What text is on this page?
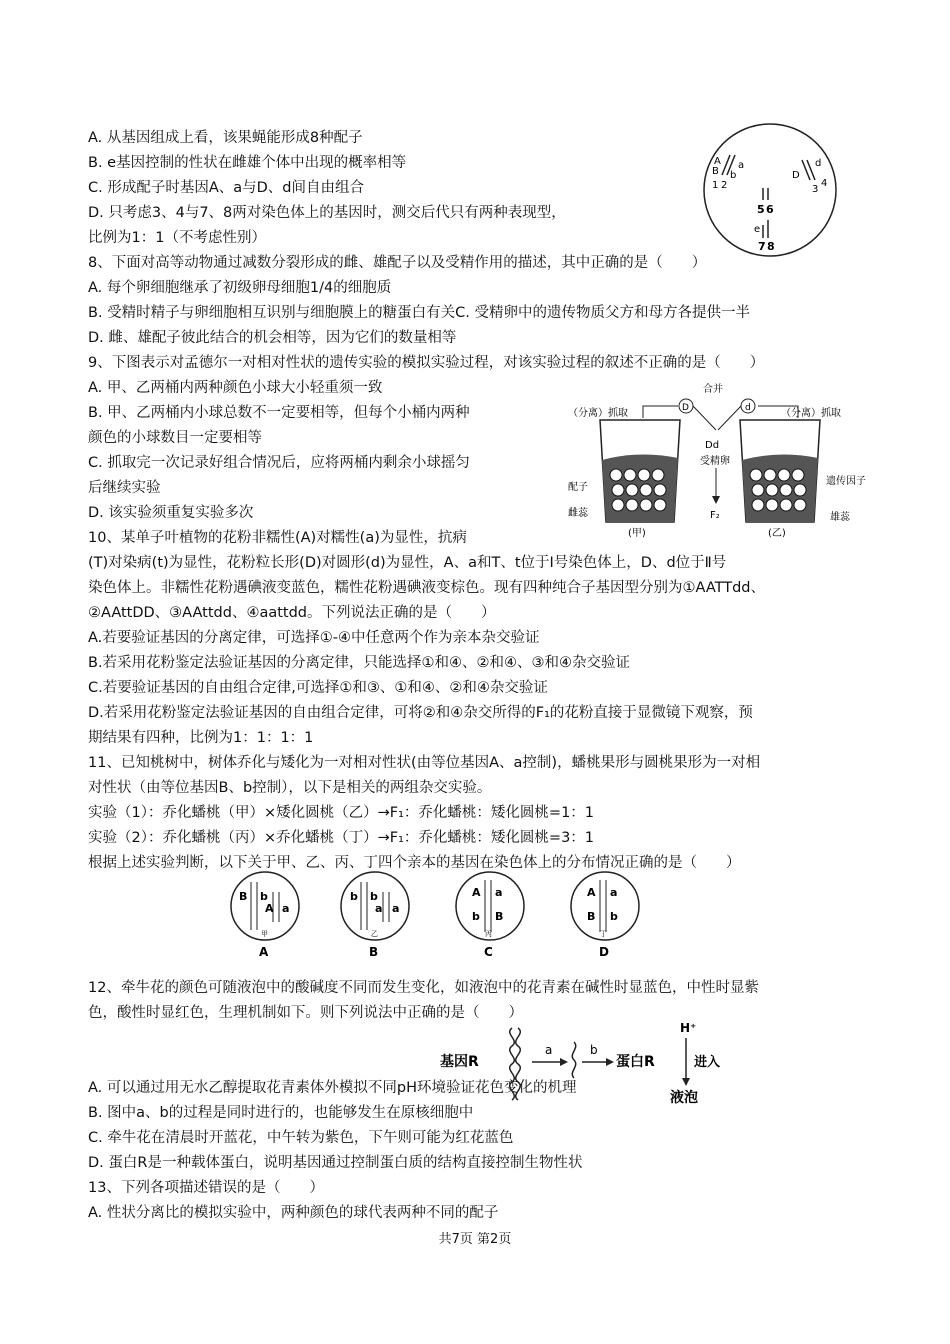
A. 从基因组成上看，该果蝇能形成8种配子
B. e基因控制的性状在雌雄个体中出现的概率相等
C. 形成配子时基因A、a与D、d间自由组合
D. 只考虑3、4与7、8两对染色体上的基因时，测交后代只有两种表现型，
比例为1：1（不考虑性别）
8、下面对高等动物通过减数分裂形成的雌、雄配子以及受精作用的描述，其中正确的是（　　）
A. 每个卵细胞继承了初级卵母细胞1/4的细胞质
B. 受精时精子与卵细胞相互识别与细胞膜上的糖蛋白有关C. 受精卵中的遗传物质父方和母方各提供一半
D. 雌、雄配子彼此结合的机会相等，因为它们的数量相等
9、下图表示对孟德尔一对相对性状的遗传实验的模拟实验过程，对该实验过程的叙述不正确的是（　　）
A. 甲、乙两桶内两种颜色小球大小轻重须一致
B. 甲、乙两桶内小球总数不一定要相等，但每个小桶内两种
颜色的小球数目一定要相等
C. 抓取完一次记录好组合情况后，应将两桶内剩余小球摇匀
后继续实验
D. 该实验须重复实验多次
10、某单子叶植物的花粉非糯性(A)对糯性(a)为显性，抗病
(T)对染病(t)为显性，花粉粒长形(D)对圆形(d)为显性，A、a和T、t位于Ⅰ号染色体上，D、d位于Ⅱ号
染色体上。非糯性花粉遇碘液变蓝色，糯性花粉遇碘液变棕色。现有四种纯合子基因型分别为①AATTdd、
②AAttDD、③AAttdd、④aattdd。下列说法正确的是（　　）
A.若要验证基因的分离定律，可选择①-④中任意两个作为亲本杂交验证
B.若采用花粉鉴定法验证基因的分离定律，只能选择①和④、②和④、③和④杂交验证
C.若要验证基因的自由组合定律,可选择①和③、①和④、②和④杂交验证
D.若采用花粉鉴定法验证基因的自由组合定律，可将②和④杂交所得的F₁的花粉直接于显微镜下观察，预
期结果有四种，比例为1：1：1：1
11、已知桃树中，树体乔化与矮化为一对相对性状(由等位基因A、a控制)，蟠桃果形与圆桃果形为一对相
对性状（由等位基因B、b控制），以下是相关的两组杂交实验。
实验（1）：乔化蟠桃（甲）×矮化圆桃（乙）→F₁：乔化蟠桃：矮化圆桃=1：1
实验（2）：乔化蟠桃（丙）×乔化蟠桃（丁）→F₁：乔化蟠桃：矮化圆桃=3：1
根据上述实验判断，以下关于甲、乙、丙、丁四个亲本的基因在染色体上的分布情况正确的是（　　）
12、牵牛花的颜色可随液泡中的酸碱度不同而发生变化，如液泡中的花青素在碱性时显蓝色，中性时显紫
色，酸性时显红色，生理机制如下。则下列说法中正确的是（　　）
A. 可以通过用无水乙醇提取花青素体外模拟不同pH环境验证花色变化的机理
B. 图中a、b的过程是同时进行的，也能够发生在原核细胞中
C. 牵牛花在清晨时开蓝花，中午转为紫色，下午则可能为红花蓝色
D. 蛋白R是一种载体蛋白，说明基因通过控制蛋白质的结构直接控制生物性状
13、下列各项描述错误的是（　　）
A. 性状分离比的模拟实验中，两种颜色的球代表两种不同的配子
A a
B b
1 2
D
d
3
4
5 6
e
7 8
合并
（分离）抓取	（分离）抓取
D	d
Dd
受精卵
F₂
配子
雌蕊
遗传因子
雄蕊
(甲)	(乙)
B b
A a
甲
A
b b
a a
乙
B
A a
b B
丙
C
A a
B b
丁
D
基因R
a	b
蛋白R
H⁺
进入
液泡
共7页 第2页
